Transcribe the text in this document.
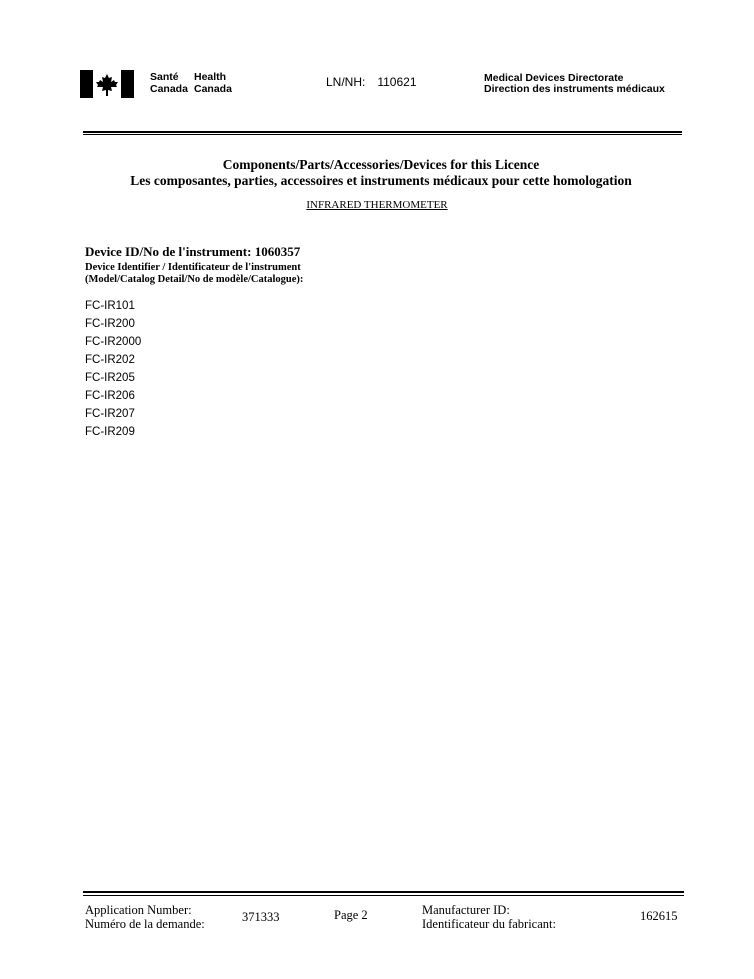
Santé Health
Canada Canada	LN/NH: 110621	Medical Devices Directorate
Direction des instruments médicaux
Components/Parts/Accessories/Devices for this Licence
Les composantes, parties, accessoires et instruments médicaux pour cette homologation
INFRARED THERMOMETER
Device ID/No de l'instrument: 1060357
Device Identifier / Identificateur de l'instrument
(Model/Catalog Detail/No de modèle/Catalogue):
FC-IR101
FC-IR200
FC-IR2000
FC-IR202
FC-IR205
FC-IR206
FC-IR207
FC-IR209
Application Number:
Numéro de la demande:	371333	Page 2	Manufacturer ID:
Identificateur du fabricant:
162615
